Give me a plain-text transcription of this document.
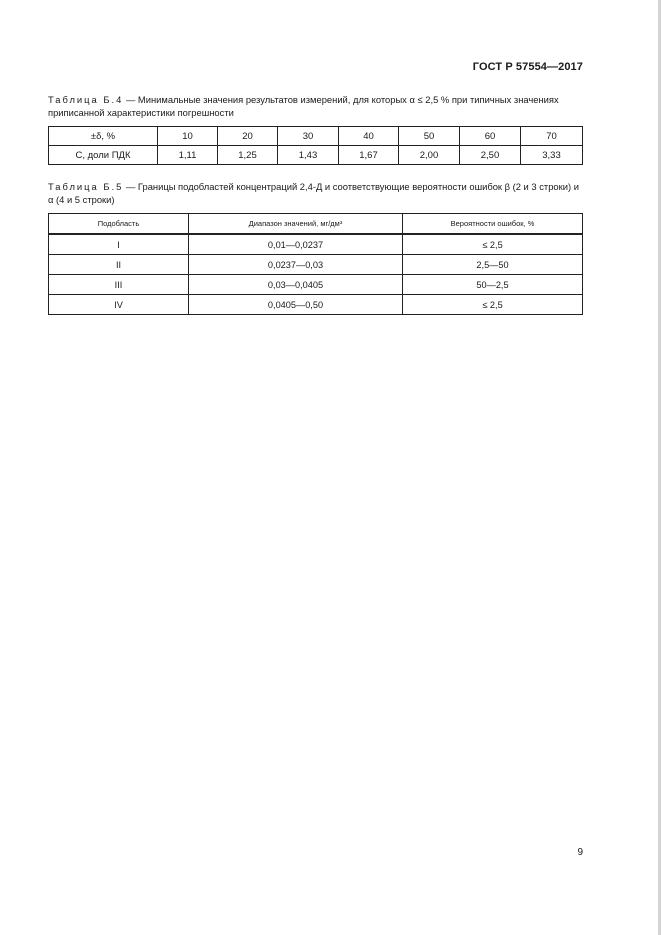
ГОСТ Р 57554—2017
Таблица Б.4 — Минимальные значения результатов измерений, для которых α ≤ 2,5 % при типичных значениях приписанной характеристики погрешности
±δ, %	10	20	30	40	50	60	70
C, доли ПДК	1,11	1,25	1,43	1,67	2,00	2,50	3,33
Таблица Б.5 — Границы подобластей концентраций 2,4-Д и соответствующие вероятности ошибок β (2 и 3 строки) и α (4 и 5 строки)
Подобласть	Диапазон значений, мг/дм³	Вероятности ошибок, %
I	0,01—0,0237	≤ 2,5
II	0,0237—0,03	2,5—50
III	0,03—0,0405	50—2,5
IV	0,0405—0,50	≤ 2,5
9
